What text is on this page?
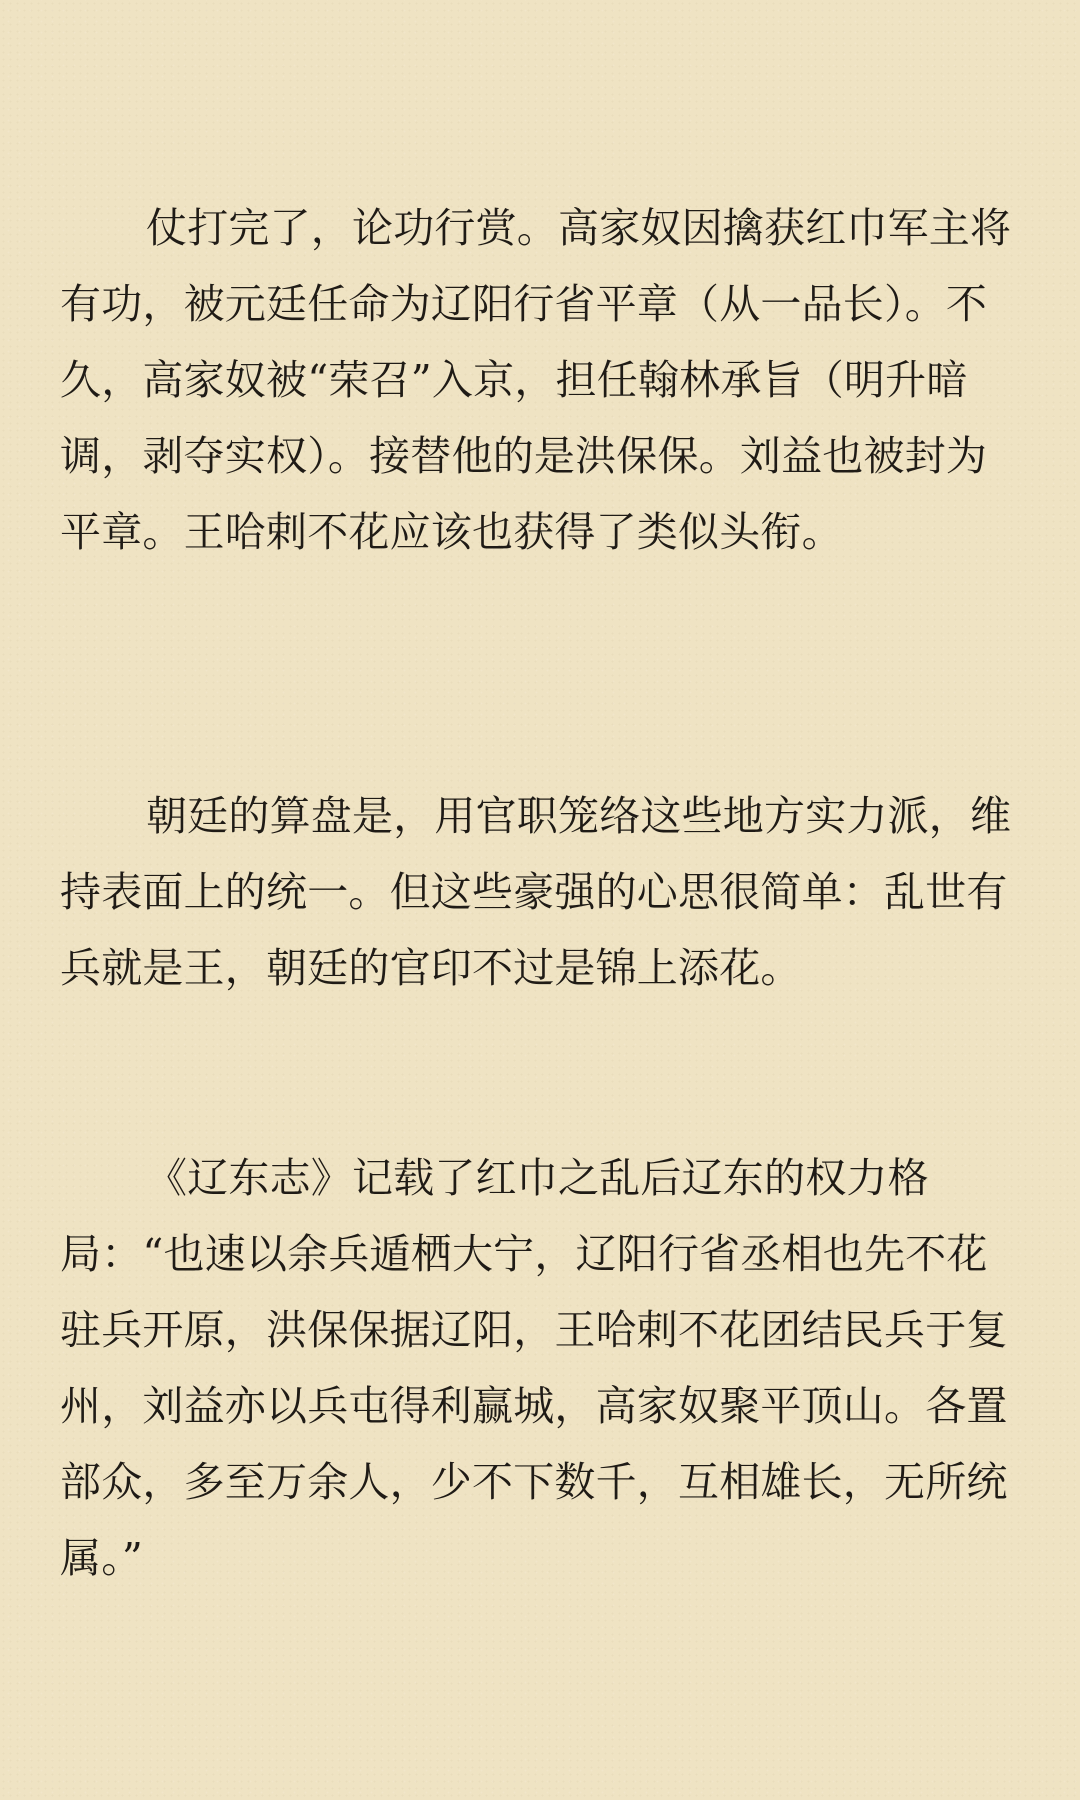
仗打完了，论功行赏。高家奴因擒获红巾军主将有功，被元廷任命为辽阳行省平章（从一品长）。不久，高家奴被“荣召”入京，担任翰林承旨（明升暗调，剥夺实权）。接替他的是洪保保。刘益也被封为平章。王哈剌不花应该也获得了类似头衔。

朝廷的算盘是，用官职笼络这些地方实力派，维持表面上的统一。但这些豪强的心思很简单：乱世有兵就是王，朝廷的官印不过是锦上添花。

《辽东志》记载了红巾之乱后辽东的权力格局：“也速以余兵遁栖大宁，辽阳行省丞相也先不花驻兵开原，洪保保据辽阳，王哈剌不花团结民兵于复州，刘益亦以兵屯得利赢城，高家奴聚平顶山。各置部众，多至万余人，少不下数千，互相雄长，无所统属。”
